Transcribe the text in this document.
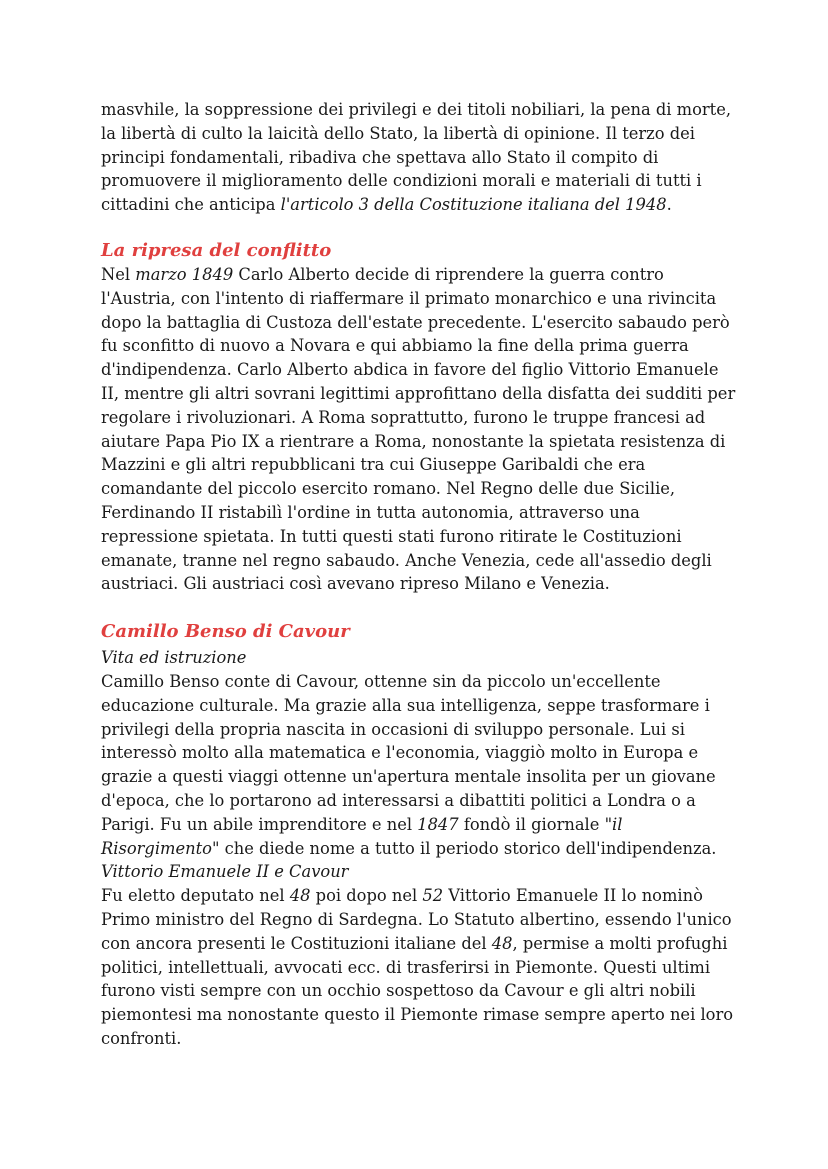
masvhile, la soppressione dei privilegi e dei titoli nobiliari, la pena di morte, la libertà di culto la laicità dello Stato, la libertà di opinione. Il terzo dei principi fondamentali, ribadiva che spettava allo Stato il compito di promuovere il miglioramento delle condizioni morali e materiali di tutti i cittadini che anticipa l'articolo 3 della Costituzione italiana del 1948.

La ripresa del conflitto

Nel marzo 1849 Carlo Alberto decide di riprendere la guerra contro l'Austria, con l'intento di riaffermare il primato monarchico e una rivincita dopo la battaglia di Custoza dell'estate precedente. L'esercito sabaudo però fu sconfitto di nuovo a Novara e qui abbiamo la fine della prima guerra d'indipendenza. Carlo Alberto abdica in favore del figlio Vittorio Emanuele II, mentre gli altri sovrani legittimi approfittano della disfatta dei sudditi per regolare i rivoluzionari. A Roma soprattutto, furono le truppe francesi ad aiutare Papa Pio IX a rientrare a Roma, nonostante la spietata resistenza di Mazzini e gli altri repubblicani tra cui Giuseppe Garibaldi che era comandante del piccolo esercito romano. Nel Regno delle due Sicilie, Ferdinando II ristabilì l'ordine in tutta autonomia, attraverso una repressione spietata. In tutti questi stati furono ritirate le Costituzioni emanate, tranne nel regno sabaudo. Anche Venezia, cede all'assedio degli austriaci. Gli austriaci così avevano ripreso Milano e Venezia.

Camillo Benso di Cavour

Vita ed istruzione

Camillo Benso conte di Cavour, ottenne sin da piccolo un'eccellente educazione culturale. Ma grazie alla sua intelligenza, seppe trasformare i privilegi della propria nascita in occasioni di sviluppo personale. Lui si interessò molto alla matematica e l'economia, viaggiò molto in Europa e grazie a questi viaggi ottenne un'apertura mentale insolita per un giovane d'epoca, che lo portarono ad interessarsi a dibattiti politici a Londra o a Parigi. Fu un abile imprenditore e nel 1847 fondò il giornale "il Risorgimento" che diede nome a tutto il periodo storico dell'indipendenza.

Vittorio Emanuele II e Cavour

Fu eletto deputato nel 48 poi dopo nel 52 Vittorio Emanuele II lo nominò Primo ministro del Regno di Sardegna. Lo Statuto albertino, essendo l'unico con ancora presenti le Costituzioni italiane del 48, permise a molti profughi politici, intellettuali, avvocati ecc. di trasferirsi in Piemonte. Questi ultimi furono visti sempre con un occhio sospettoso da Cavour e gli altri nobili piemontesi ma nonostante questo il Piemonte rimase sempre aperto nei loro confronti.
